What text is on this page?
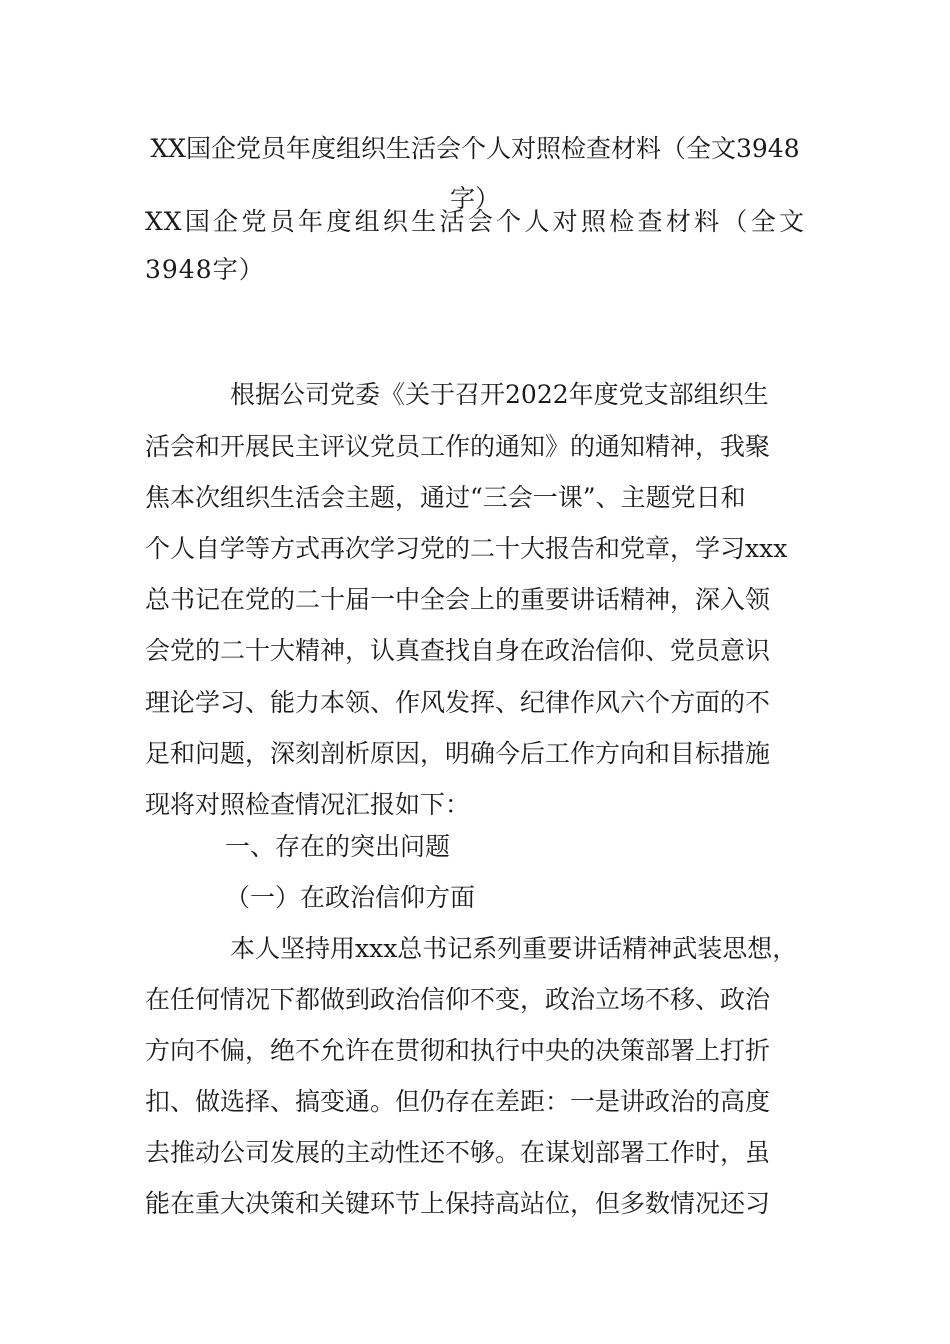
XX国企党员年度组织生活会个人对照检查材料（全文3948字）
XX国企党员年度组织生活会个人对照检查材料（全文3948字）
根据公司党委《关于召开2022年度党支部组织生
活会和开展民主评议党员工作的通知》的通知精神，我聚
焦本次组织生活会主题，通过“三会一课”、主题党日和
个人自学等方式再次学习党的二十大报告和党章，学习xxx
总书记在党的二十届一中全会上的重要讲话精神，深入领
会党的二十大精神，认真查找自身在政治信仰、党员意识
理论学习、能力本领、作风发挥、纪律作风六个方面的不
足和问题，深刻剖析原因，明确今后工作方向和目标措施
现将对照检查情况汇报如下：
一、存在的突出问题
（一）在政治信仰方面
本人坚持用xxx总书记系列重要讲话精神武装思想，
在任何情况下都做到政治信仰不变，政治立场不移、政治
方向不偏，绝不允许在贯彻和执行中央的决策部署上打折
扣、做选择、搞变通。但仍存在差距：一是讲政治的高度
去推动公司发展的主动性还不够。在谋划部署工作时，虽
能在重大决策和关键环节上保持高站位，但多数情况还习
